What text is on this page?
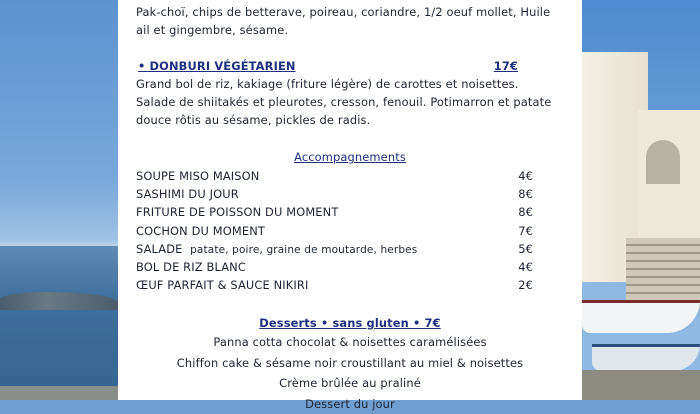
Pak-choï, chips de betterave, poireau, coriandre, 1/2 oeuf mollet, Huile ail et gingembre, sésame.

• DONBURI VÉGÉTARIEN	17€

Grand bol de riz, kakiage (friture légère) de carottes et noisettes. Salade de shiitakés et pleurotes, cresson, fenouil. Potimarron et patate douce rôtis au sésame, pickles de radis.

Accompagnements
SOUPE MISO MAISON	4€
SASHIMI DU JOUR	8€
FRITURE DE POISSON DU MOMENT	8€
COCHON DU MOMENT	7€
SALADE patate, poire, graine de moutarde, herbes	5€
BOL DE RIZ BLANC	4€
ŒUF PARFAIT & SAUCE NIKIRI	2€
Desserts • sans gluten • 7€
Panna cotta chocolat & noisettes caramélisées
Chiffon cake & sésame noir croustillant au miel & noisettes
Crème brûlée au praliné
Dessert du jour
